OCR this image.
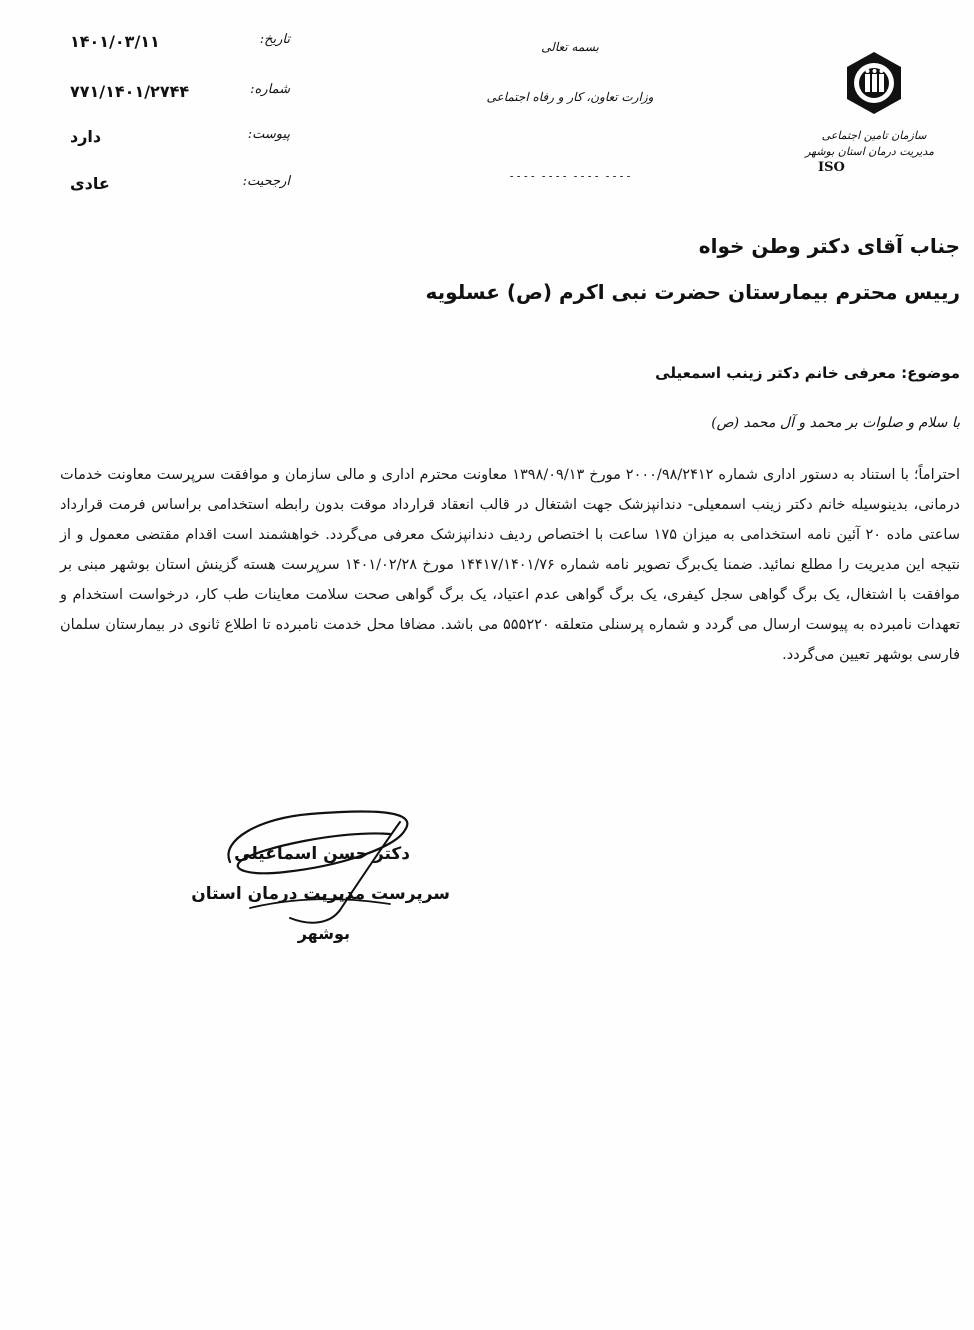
سازمان تامین اجتماعی
مدیریت درمان استان بوشهر
ISO
بسمه تعالی
وزارت تعاون، کار و رفاه اجتماعی
۔۔۔۔ ۔۔۔۔ ۔۔۔۔ ۔۔۔۔
تاریخ:
۱۴۰۱/۰۳/۱۱
شماره:
۷۷۱/۱۴۰۱/۲۷۴۴
پیوست:
دارد
ارجحیت:
عادی
جناب آقای دکتر وطن خواه
رییس محترم بیمارستان حضرت نبی اکرم (ص) عسلویه
موضوع: معرفی خانم دکتر زینب اسمعیلی
با سلام و صلوات بر محمد و آل محمد (ص)
احتراماً؛ با استناد به دستور اداری شماره ۲۰۰۰/۹۸/۲۴۱۲ مورخ ۱۳۹۸/۰۹/۱۳ معاونت محترم اداری و مالی سازمان و موافقت سرپرست معاونت خدمات درمانی، بدینوسیله خانم دکتر زینب اسمعیلی- دندانپزشک جهت اشتغال در قالب انعقاد قرارداد موقت بدون رابطه استخدامی براساس فرمت قرارداد ساعتی ماده ۲۰ آئین نامه استخدامی به میزان ۱۷۵ ساعت با اختصاص ردیف دندانپزشک معرفی می‌گردد. خواهشمند است اقدام مقتضی معمول و از نتیجه این مدیریت را مطلع نمائید. ضمنا یک‌برگ تصویر نامه شماره ۱۴۴۱۷/۱۴۰۱/۷۶ مورخ ۱۴۰۱/۰۲/۲۸ سرپرست هسته گزینش استان بوشهر مبنی بر موافقت با اشتغال، یک برگ گواهی سجل کیفری، یک برگ گواهی عدم اعتیاد، یک برگ گواهی صحت سلامت معاینات طب کار، درخواست استخدام و تعهدات نامبرده به پیوست ارسال می گردد و شماره پرسنلی متعلقه ۵۵۵۲۲۰ می باشد. مضافا محل خدمت نامبرده تا اطلاع ثانوی در بیمارستان سلمان فارسی بوشهر تعیین می‌گردد.
دکتر حسن اسماعیلی
سرپرست مدیریت درمان استان
بوشهر
